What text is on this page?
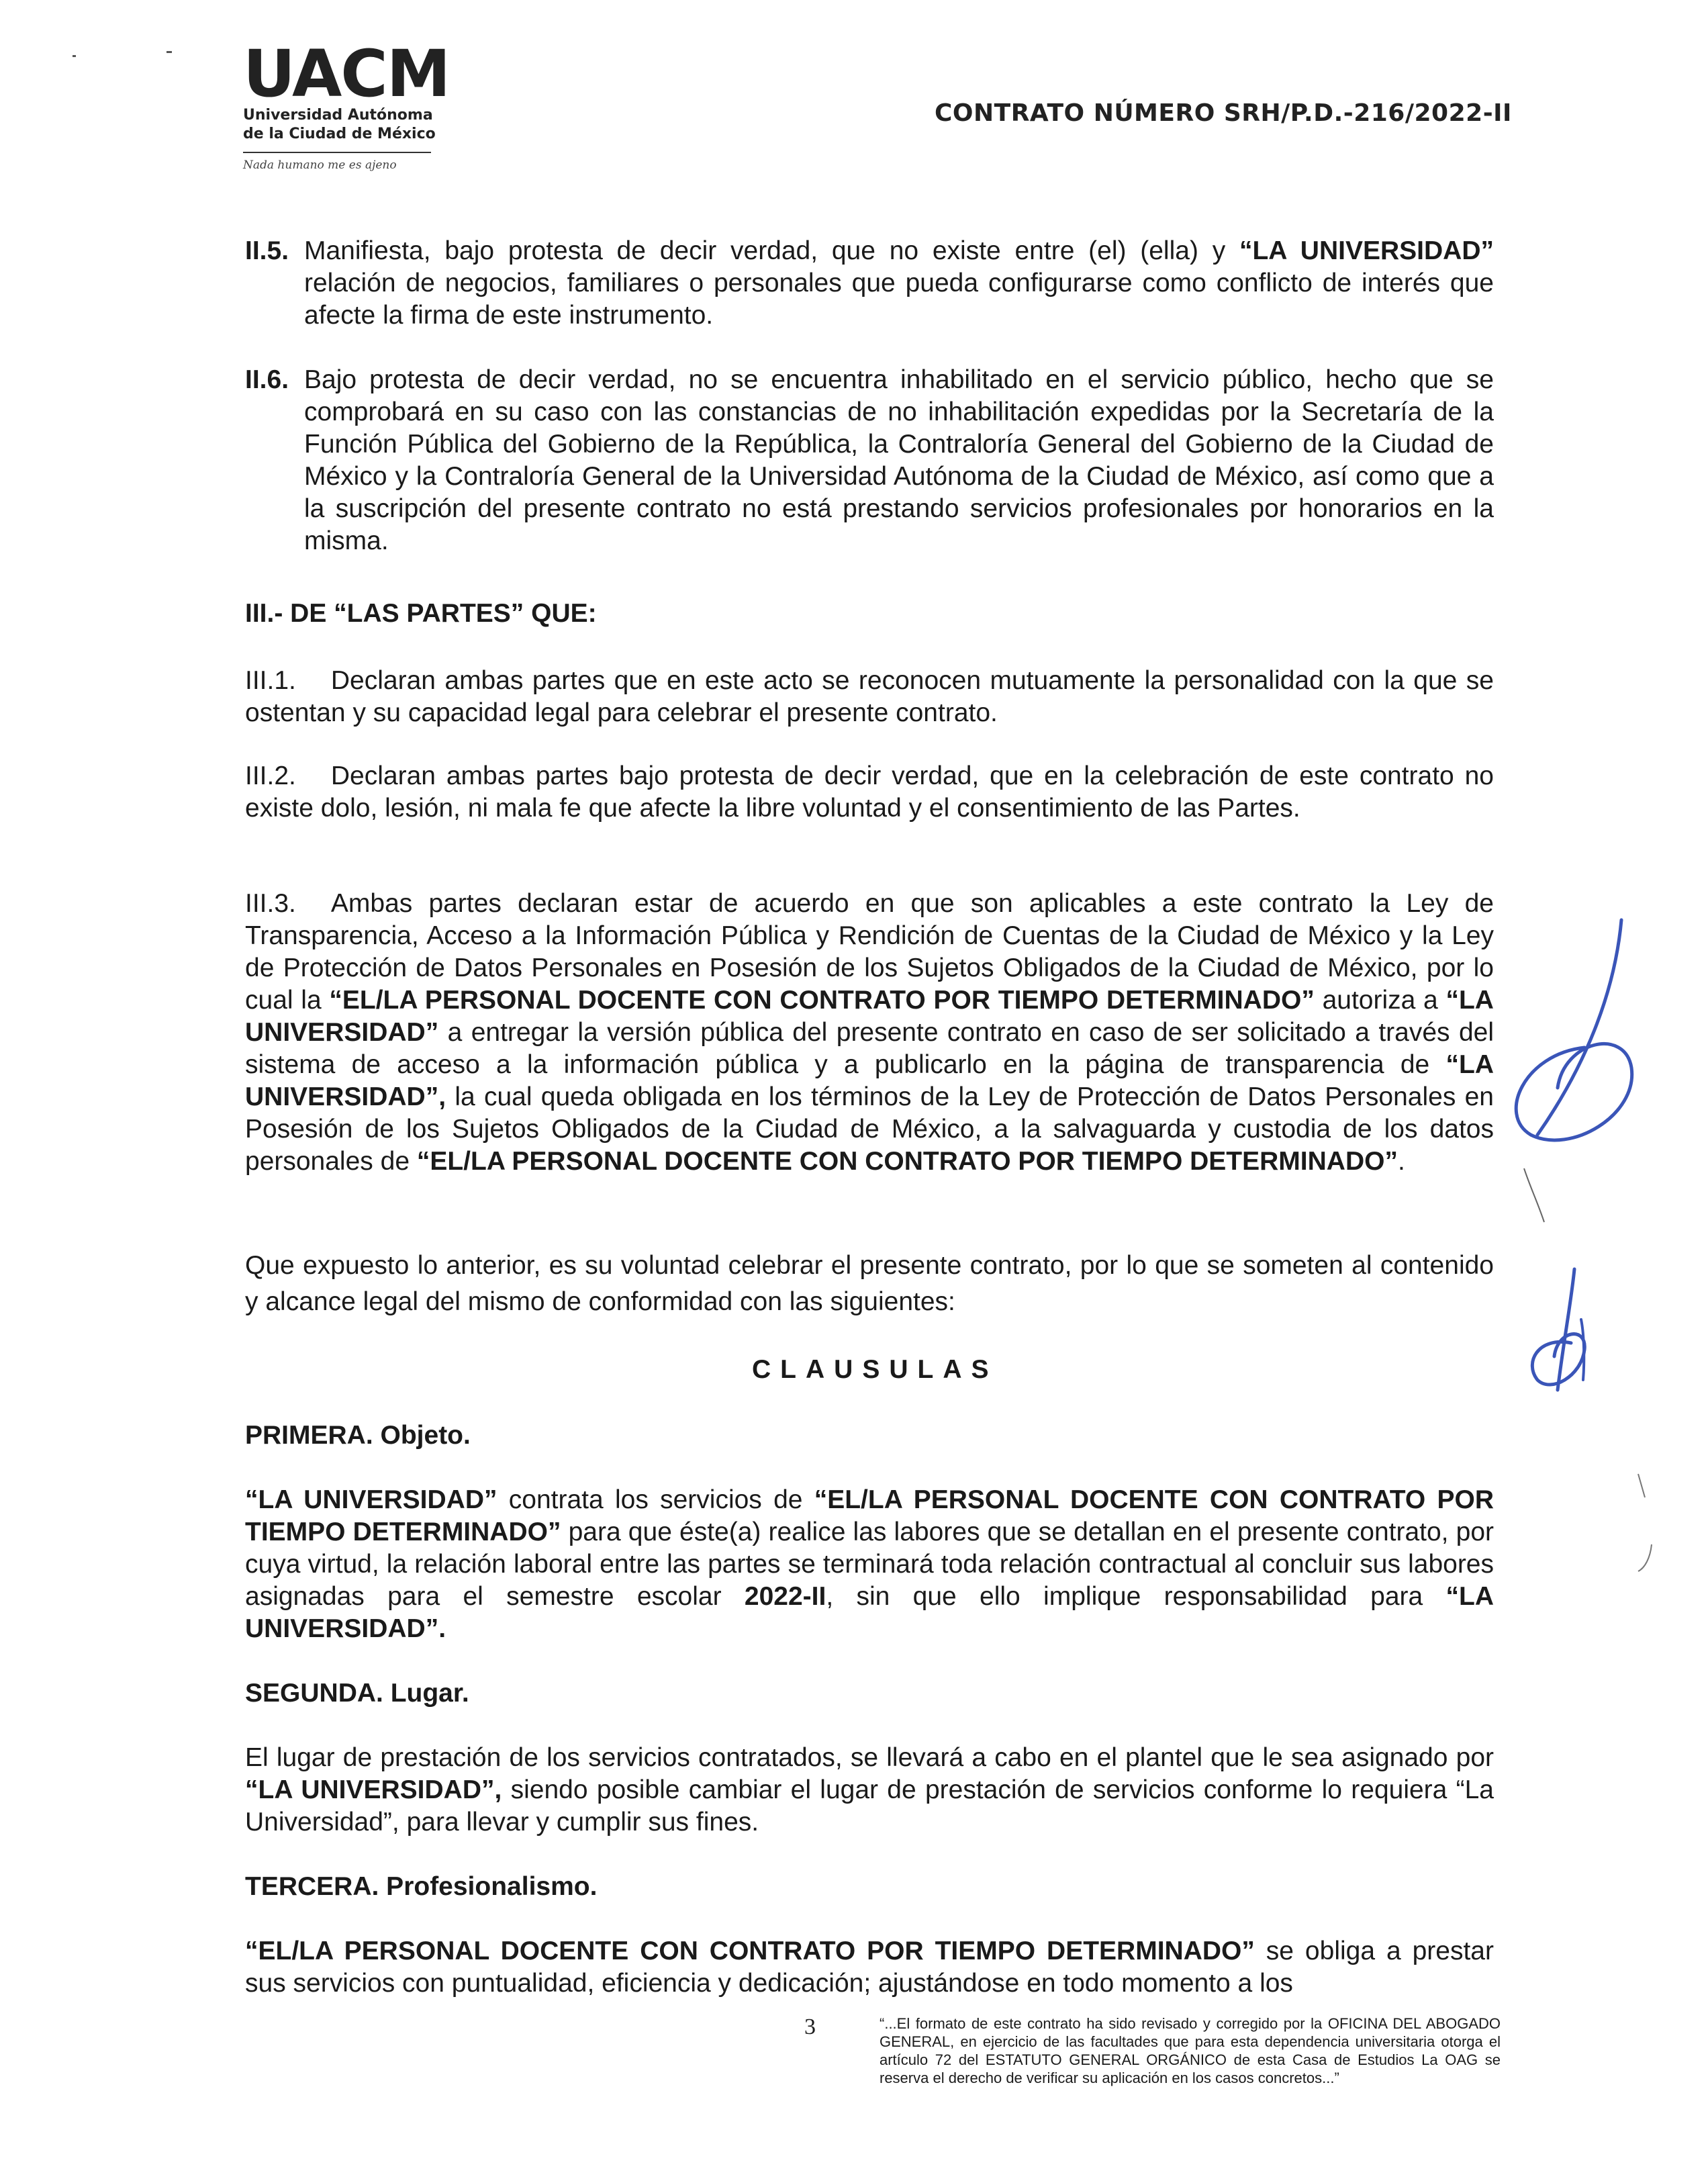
UACM
Universidad Autónoma
de la Ciudad de México
Nada humano me es ajeno
CONTRATO NÚMERO SRH/P.D.-216/2022-II
II.5. Manifiesta, bajo protesta de decir verdad, que no existe entre (el) (ella) y “LA UNIVERSIDAD” relación de negocios, familiares o personales que pueda configurarse como conflicto de interés que afecte la firma de este instrumento.
II.6. Bajo protesta de decir verdad, no se encuentra inhabilitado en el servicio público, hecho que se comprobará en su caso con las constancias de no inhabilitación expedidas por la Secretaría de la Función Pública del Gobierno de la República, la Contraloría General del Gobierno de la Ciudad de México y la Contraloría General de la Universidad Autónoma de la Ciudad de México, así como que a la suscripción del presente contrato no está prestando servicios profesionales por honorarios en la misma.
III.- DE “LAS PARTES” QUE:
III.1. Declaran ambas partes que en este acto se reconocen mutuamente la personalidad con la que se ostentan y su capacidad legal para celebrar el presente contrato.
III.2. Declaran ambas partes bajo protesta de decir verdad, que en la celebración de este contrato no existe dolo, lesión, ni mala fe que afecte la libre voluntad y el consentimiento de las Partes.
III.3. Ambas partes declaran estar de acuerdo en que son aplicables a este contrato la Ley de Transparencia, Acceso a la Información Pública y Rendición de Cuentas de la Ciudad de México y la Ley de Protección de Datos Personales en Posesión de los Sujetos Obligados de la Ciudad de México, por lo cual la “EL/LA PERSONAL DOCENTE CON CONTRATO POR TIEMPO DETERMINADO” autoriza a “LA UNIVERSIDAD” a entregar la versión pública del presente contrato en caso de ser solicitado a través del sistema de acceso a la información pública y a publicarlo en la página de transparencia de “LA UNIVERSIDAD”, la cual queda obligada en los términos de la Ley de Protección de Datos Personales en Posesión de los Sujetos Obligados de la Ciudad de México, a la salvaguarda y custodia de los datos personales de “EL/LA PERSONAL DOCENTE CON CONTRATO POR TIEMPO DETERMINADO”.
Que expuesto lo anterior, es su voluntad celebrar el presente contrato, por lo que se someten al contenido y alcance legal del mismo de conformidad con las siguientes:
CLAUSULAS
PRIMERA. Objeto.
“LA UNIVERSIDAD” contrata los servicios de “EL/LA PERSONAL DOCENTE CON CONTRATO POR TIEMPO DETERMINADO” para que éste(a) realice las labores que se detallan en el presente contrato, por cuya virtud, la relación laboral entre las partes se terminará toda relación contractual al concluir sus labores asignadas para el semestre escolar 2022-II, sin que ello implique responsabilidad para “LA UNIVERSIDAD”.
SEGUNDA. Lugar.
El lugar de prestación de los servicios contratados, se llevará a cabo en el plantel que le sea asignado por “LA UNIVERSIDAD”, siendo posible cambiar el lugar de prestación de servicios conforme lo requiera “La Universidad”, para llevar y cumplir sus fines.
TERCERA. Profesionalismo.
“EL/LA PERSONAL DOCENTE CON CONTRATO POR TIEMPO DETERMINADO” se obliga a prestar sus servicios con puntualidad, eficiencia y dedicación; ajustándose en todo momento a los
3	“...El formato de este contrato ha sido revisado y corregido por la OFICINA DEL ABOGADO GENERAL, en ejercicio de las facultades que para esta dependencia universitaria otorga el artículo 72 del ESTATUTO GENERAL ORGÁNICO de esta Casa de Estudios La OAG se reserva el derecho de verificar su aplicación en los casos concretos...”
